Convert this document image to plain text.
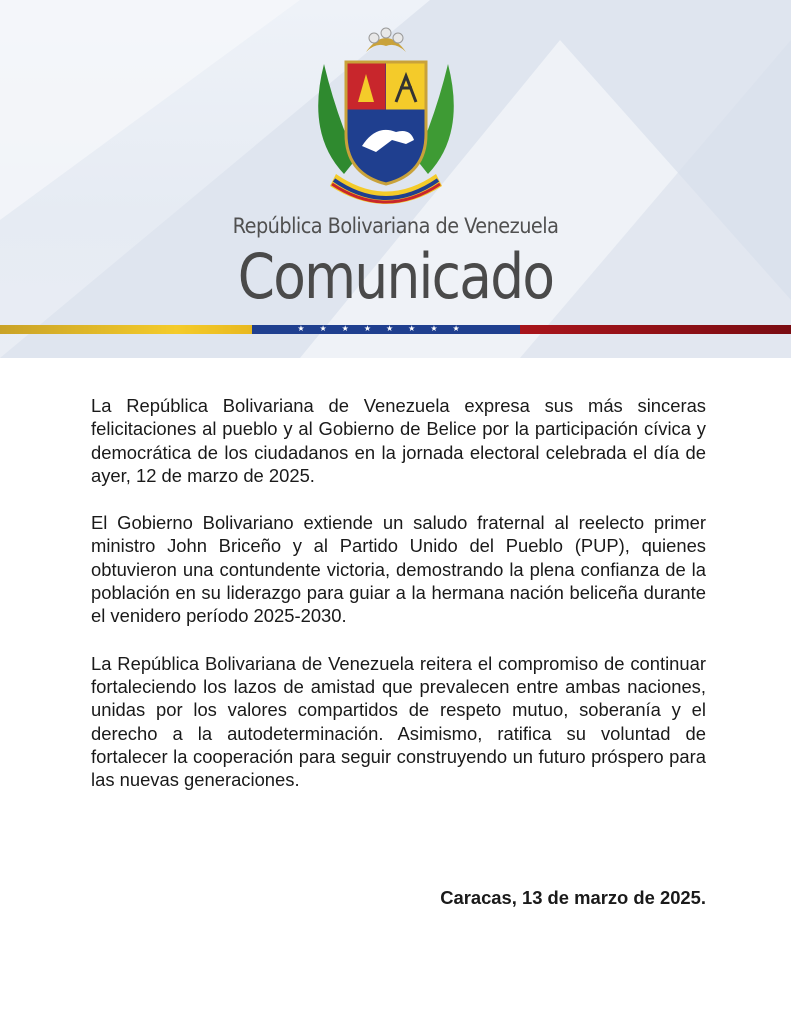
República Bolivariana de Venezuela
Comunicado
★★★★★★★★

La República Bolivariana de Venezuela expresa sus más sinceras felicitaciones al pueblo y al Gobierno de Belice por la participación cívica y democrática de los ciudadanos en la jornada electoral celebrada el día de ayer, 12 de marzo de 2025.

El Gobierno Bolivariano extiende un saludo fraternal al reelecto primer ministro John Briceño y al Partido Unido del Pueblo (PUP), quienes obtuvieron una contundente victoria, demostrando la plena confianza de la población en su liderazgo para guiar a la hermana nación beliceña durante el venidero período 2025-2030.

La República Bolivariana de Venezuela reitera el compromiso de continuar fortaleciendo los lazos de amistad que prevalecen entre ambas naciones, unidas por los valores compartidos de respeto mutuo, soberanía y el derecho a la autodeterminación. Asimismo, ratifica su voluntad de fortalecer la cooperación para seguir construyendo un futuro próspero para las nuevas generaciones.

Caracas, 13 de marzo de 2025.
